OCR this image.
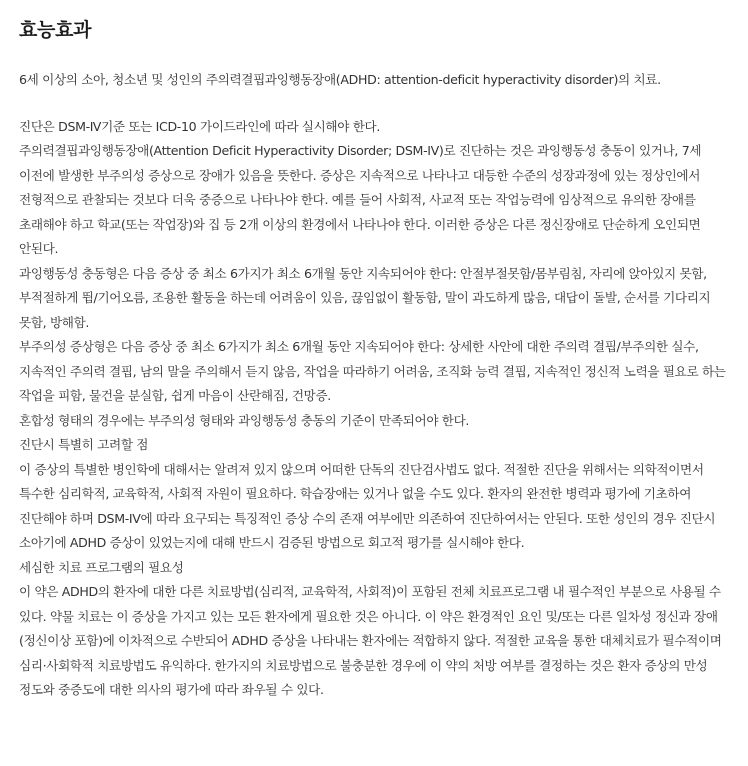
효능효과

6세 이상의 소아, 청소년 및 성인의 주의력결핍과잉행동장애(ADHD: attention-deficit hyperactivity disorder)의 치료.

진단은 DSM-Ⅳ기준 또는 ICD-10 가이드라인에 따라 실시해야 한다.

주의력결핍과잉행동장애(Attention Deficit Hyperactivity Disorder; DSM-IV)로 진단하는 것은 과잉행동성 충동이 있거나, 7세 이전에 발생한 부주의성 증상으로 장애가 있음을 뜻한다. 증상은 지속적으로 나타나고 대등한 수준의 성장과정에 있는 정상인에서 전형적으로 관찰되는 것보다 더욱 중증으로 나타나야 한다. 예를 들어 사회적, 사교적 또는 작업능력에 임상적으로 유의한 장애를 초래해야 하고 학교(또는 작업장)와 집 등 2개 이상의 환경에서 나타나야 한다. 이러한 증상은 다른 정신장애로 단순하게 오인되면 안된다.

과잉행동성 충동형은 다음 증상 중 최소 6가지가 최소 6개월 동안 지속되어야 한다: 안절부절못함/몸부림침, 자리에 앉아있지 못함, 부적절하게 뜀/기어오름, 조용한 활동을 하는데 어려움이 있음, 끊임없이 활동함, 말이 과도하게 많음, 대답이 돌발, 순서를 기다리지 못함, 방해함.

부주의성 증상형은 다음 증상 중 최소 6가지가 최소 6개월 동안 지속되어야 한다: 상세한 사안에 대한 주의력 결핍/부주의한 실수, 지속적인 주의력 결핍, 남의 말을 주의해서 듣지 않음, 작업을 따라하기 어려움, 조직화 능력 결핍, 지속적인 정신적 노력을 필요로 하는 작업을 피함, 물건을 분실함, 쉽게 마음이 산란해짐, 건망증.

혼합성 형태의 경우에는 부주의성 형태와 과잉행동성 충동의 기준이 만족되어야 한다.

진단시 특별히 고려할 점

이 증상의 특별한 병인학에 대해서는 알려져 있지 않으며 어떠한 단독의 진단검사법도 없다. 적절한 진단을 위해서는 의학적이면서 특수한 심리학적, 교육학적, 사회적 자원이 필요하다. 학습장애는 있거나 없을 수도 있다. 환자의 완전한 병력과 평가에 기초하여 진단해야 하며 DSM-IV에 따라 요구되는 특징적인 증상 수의 존재 여부에만 의존하여 진단하여서는 안된다. 또한 성인의 경우 진단시 소아기에 ADHD 증상이 있었는지에 대해 반드시 검증된 방법으로 회고적 평가를 실시해야 한다.

세심한 치료 프로그램의 필요성

이 약은 ADHD의 환자에 대한 다른 치료방법(심리적, 교육학적, 사회적)이 포함된 전체 치료프로그램 내 필수적인 부분으로 사용될 수 있다. 약물 치료는 이 증상을 가지고 있는 모든 환자에게 필요한 것은 아니다. 이 약은 환경적인 요인 및/또는 다른 일차성 정신과 장애(정신이상 포함)에 이차적으로 수반되어 ADHD 증상을 나타내는 환자에는 적합하지 않다. 적절한 교육을 통한 대체치료가 필수적이며 심리·사회학적 치료방법도 유익하다. 한가지의 치료방법으로 불충분한 경우에 이 약의 처방 여부를 결정하는 것은 환자 증상의 만성 정도와 중증도에 대한 의사의 평가에 따라 좌우될 수 있다.
